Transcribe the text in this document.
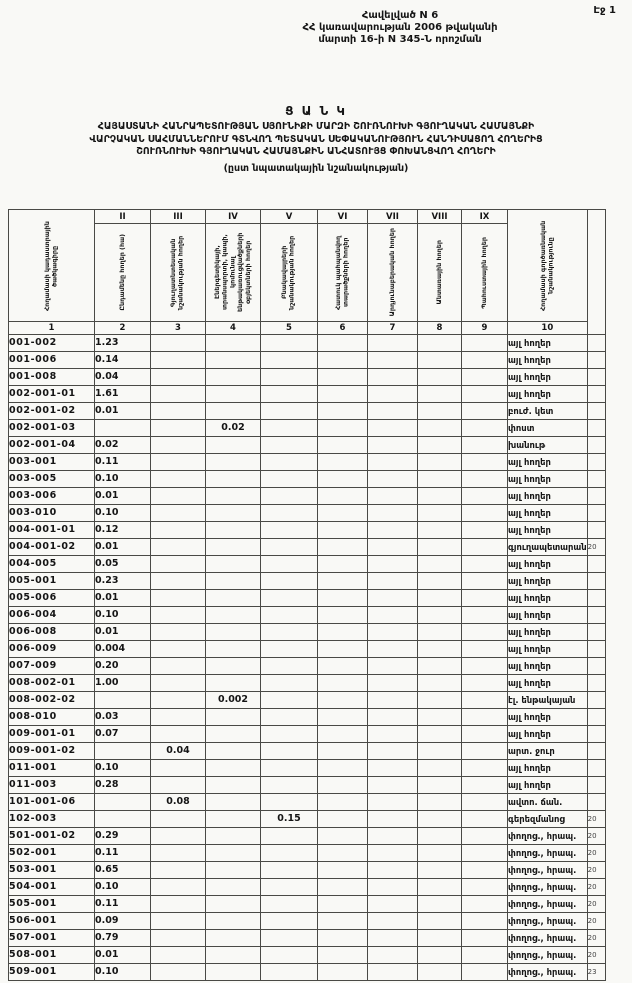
Էջ 1
Հավելված N 6
ՀՀ կառավարության 2006 թվականի
մարտի 16-ի N 345-Ն որոշման
Ց Ա Ն Կ
ՀԱՅԱՍՏԱՆԻ ՀԱՆՐԱՊԵՏՈՒԹՅԱՆ ՍՅՈՒՆԻՔԻ ՄԱՐԶԻ ՇՈՒՌՆՈՒԽԻ ԳՅՈՒՂԱԿԱՆ ՀԱՄԱՅՆՔԻ
ՎԱՐՉԱԿԱՆ ՍԱՀՄԱՆՆԵՐՈՒՄ ԳՏՆՎՈՂ ՊԵՏԱԿԱՆ ՍԵՓԱԿԱՆՈՒԹՅՈՒՆ ՀԱՆԴԻՍԱՑՈՂ ՀՈՂԵՐԻՑ
ՇՈՒՌՆՈՒԽԻ ԳՅՈՒՂԱԿԱՆ ՀԱՄԱՅՆՔԻՆ ԱՆՀԱՏՈՒՅՑ ՓՈԽԱՆՑՎՈՂ ՀՈՂԵՐԻ
(ըստ նպատակային նշանակության)
Հողամասի կադաստրային ծածկագիրը	II	III	IV	V	VI	VII	VIII	IX	Հողամասի գործառնական նշանակությունը	

	Ընդամենը հողեր (հա)	Գյուղատնտեսական նշանակության հողեր	Էներգետիկայի, տրանսպորտի, կապի, կոմունալ ենթակառուցվածքների օբյեկտների հողեր	Բնակավայրերի նշանակության հողեր	Հատուկ պահպանվող տարածքների հողեր	Արդյունաբերական հողեր	Անտառային հողեր	Պահուստային հողեր		

1	2	3	4	5	6	7	8	9	10	
001-002	1.23								այլ հողեր	
001-006	0.14								այլ հողեր	
001-008	0.04								այլ հողեր	
002-001-01	1.61								այլ հողեր	
002-001-02	0.01								բուժ. կետ	
002-001-03			0.02						փոստ	
002-001-04	0.02								խանութ	
003-001	0.11								այլ հողեր	
003-005	0.10								այլ հողեր	
003-006	0.01								այլ հողեր	
003-010	0.10								այլ հողեր	
004-001-01	0.12								այլ հողեր	
004-001-02	0.01								գյուղապետարան	20
004-005	0.05								այլ հողեր	
005-001	0.23								այլ հողեր	
005-006	0.01								այլ հողեր	
006-004	0.10								այլ հողեր	
006-008	0.01								այլ հողեր	
006-009	0.004								այլ հողեր	
007-009	0.20								այլ հողեր	
008-002-01	1.00								այլ հողեր	
008-002-02			0.002						էլ. ենթակայան	
008-010	0.03								այլ հողեր	
009-001-01	0.07								այլ հողեր	
009-001-02		0.04							արտ. ջուր	
011-001	0.10								այլ հողեր	
011-003	0.28								այլ հողեր	
101-001-06		0.08							ավտո. ճան.	
102-003				0.15					գերեզմանոց	20
501-001-02	0.29								փողոց., հրապ.	20
502-001	0.11								փողոց., հրապ.	20
503-001	0.65								փողոց., հրապ.	20
504-001	0.10								փողոց., հրապ.	20
505-001	0.11								փողոց., հրապ.	20
506-001	0.09								փողոց., հրապ.	20
507-001	0.79								փողոց., հրապ.	20
508-001	0.01								փողոց., հրապ.	20
509-001	0.10								փողոց., հրապ.	23
